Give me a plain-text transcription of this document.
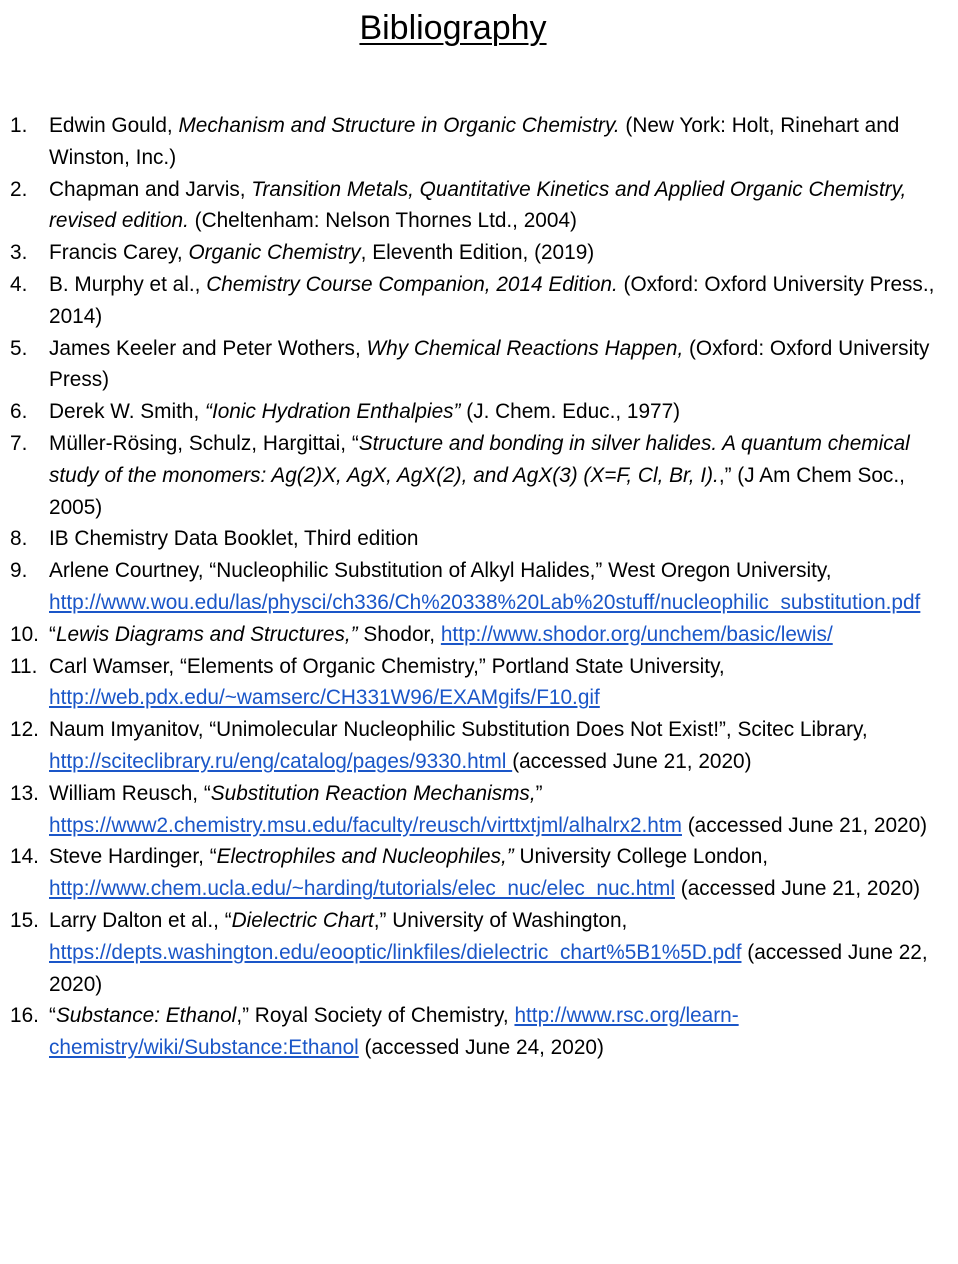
Bibliography
1. Edwin Gould, Mechanism and Structure in Organic Chemistry. (New York: Holt, Rinehart and Winston, Inc.)
2. Chapman and Jarvis, Transition Metals, Quantitative Kinetics and Applied Organic Chemistry, revised edition. (Cheltenham: Nelson Thornes Ltd., 2004)
3. Francis Carey, Organic Chemistry, Eleventh Edition, (2019)
4. B. Murphy et al., Chemistry Course Companion, 2014 Edition. (Oxford: Oxford University Press., 2014)
5. James Keeler and Peter Wothers, Why Chemical Reactions Happen, (Oxford: Oxford University Press)
6. Derek W. Smith, “Ionic Hydration Enthalpies” (J. Chem. Educ., 1977)
7. Müller-Rösing, Schulz, Hargittai, “Structure and bonding in silver halides. A quantum chemical study of the monomers: Ag(2)X, AgX, AgX(2), and AgX(3) (X=F, Cl, Br, I).,” (J Am Chem Soc., 2005)
8. IB Chemistry Data Booklet, Third edition
9. Arlene Courtney, “Nucleophilic Substitution of Alkyl Halides,” West Oregon University, http://www.wou.edu/las/physci/ch336/Ch%20338%20Lab%20stuff/nucleophilic_substitution.pdf
10. “Lewis Diagrams and Structures,” Shodor, http://www.shodor.org/unchem/basic/lewis/
11. Carl Wamser, “Elements of Organic Chemistry,” Portland State University, http://web.pdx.edu/~wamserc/CH331W96/EXAMgifs/F10.gif
12. Naum Imyanitov, “Unimolecular Nucleophilic Substitution Does Not Exist!”, Scitec Library, http://sciteclibrary.ru/eng/catalog/pages/9330.html (accessed June 21, 2020)
13. William Reusch, “Substitution Reaction Mechanisms,” https://www2.chemistry.msu.edu/faculty/reusch/virttxtjml/alhalrx2.htm (accessed June 21, 2020)
14. Steve Hardinger, “Electrophiles and Nucleophiles,” University College London, http://www.chem.ucla.edu/~harding/tutorials/elec_nuc/elec_nuc.html (accessed June 21, 2020)
15. Larry Dalton et al., “Dielectric Chart,” University of Washington, https://depts.washington.edu/eooptic/linkfiles/dielectric_chart%5B1%5D.pdf (accessed June 22, 2020)
16. “Substance: Ethanol,” Royal Society of Chemistry, http://www.rsc.org/learn-chemistry/wiki/Substance:Ethanol (accessed June 24, 2020)
